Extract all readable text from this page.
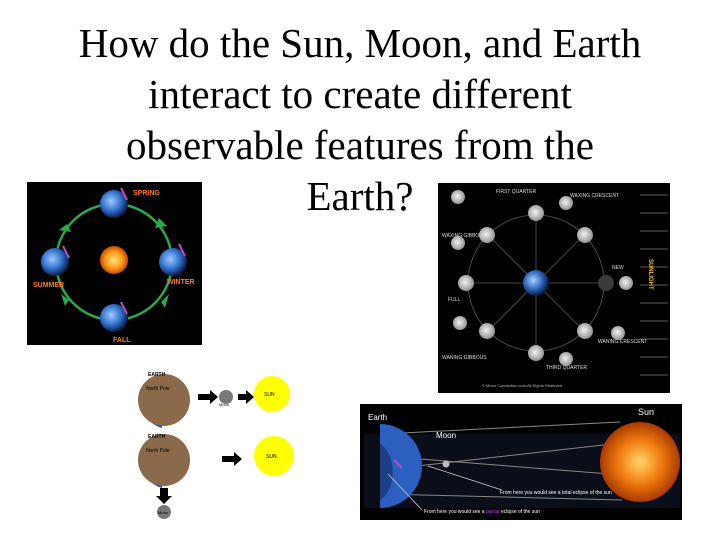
How do the Sun, Moon, and Earth
interact to create different
observable features from the
Earth?
SPRING
SUMMER	WINTER
FALL
FIRST QUARTER
WAXING CRESCENT
WAXING GIBBOUS
NEW
FULL
WANING CRESCENT
WANING GIBBOUS
THIRD QUARTER
SUNLIGHT
© Moon Connection.com All Rights Reserved
EARTH
North Pole
Moon
SUN
EARTH
North Pole
SUN
Moon
Earth
Moon
Sun
From here you would see a total eclipse of the sun
From here you would see a partial eclipse of the sun
